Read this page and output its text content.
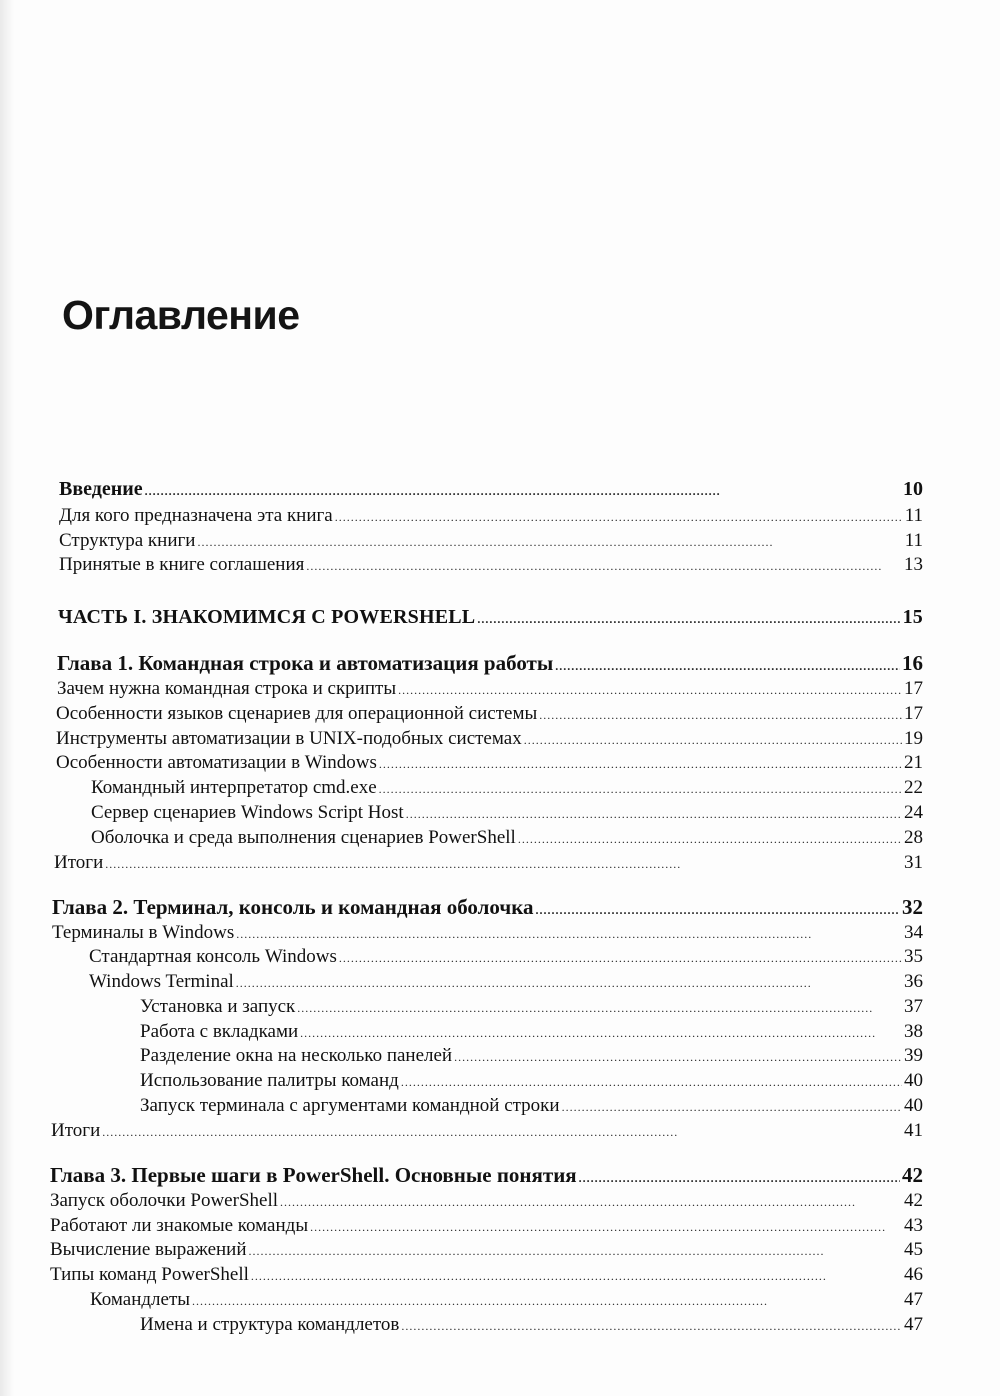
Оглавление
Введение . . .	10
Для кого предназначена эта книга . . .	11
Структура книги . . .	11
Принятые в книге соглашения . . .	13
ЧАСТЬ I. ЗНАКОМИМСЯ С POWERSHELL . . .	15
Глава 1. Командная строка и автоматизация работы . . .	16
Зачем нужна командная строка и скрипты . . .	17
Особенности языков сценариев для операционной системы . . .	17
Инструменты автоматизации в UNIX-подобных системах . . .	19
Особенности автоматизации в Windows . . .	21
Командный интерпретатор cmd.exe . . .	22
Сервер сценариев Windows Script Host . . .	24
Оболочка и среда выполнения сценариев PowerShell . . .	28
Итоги . . .	31
Глава 2. Терминал, консоль и командная оболочка . . .	32
Терминалы в Windows . . .	34
Стандартная консоль Windows . . .	35
Windows Terminal . . .	36
Установка и запуск . . .	37
Работа с вкладками . . .	38
Разделение окна на несколько панелей . . .	39
Использование палитры команд . . .	40
Запуск терминала с аргументами командной строки . . .	40
Итоги . . .	41
Глава 3. Первые шаги в PowerShell. Основные понятия . . .	42
Запуск оболочки PowerShell . . .	42
Работают ли знакомые команды . . .	43
Вычисление выражений . . .	45
Типы команд PowerShell . . .	46
Командлеты . . .	47
Имена и структура командлетов . . .	47
